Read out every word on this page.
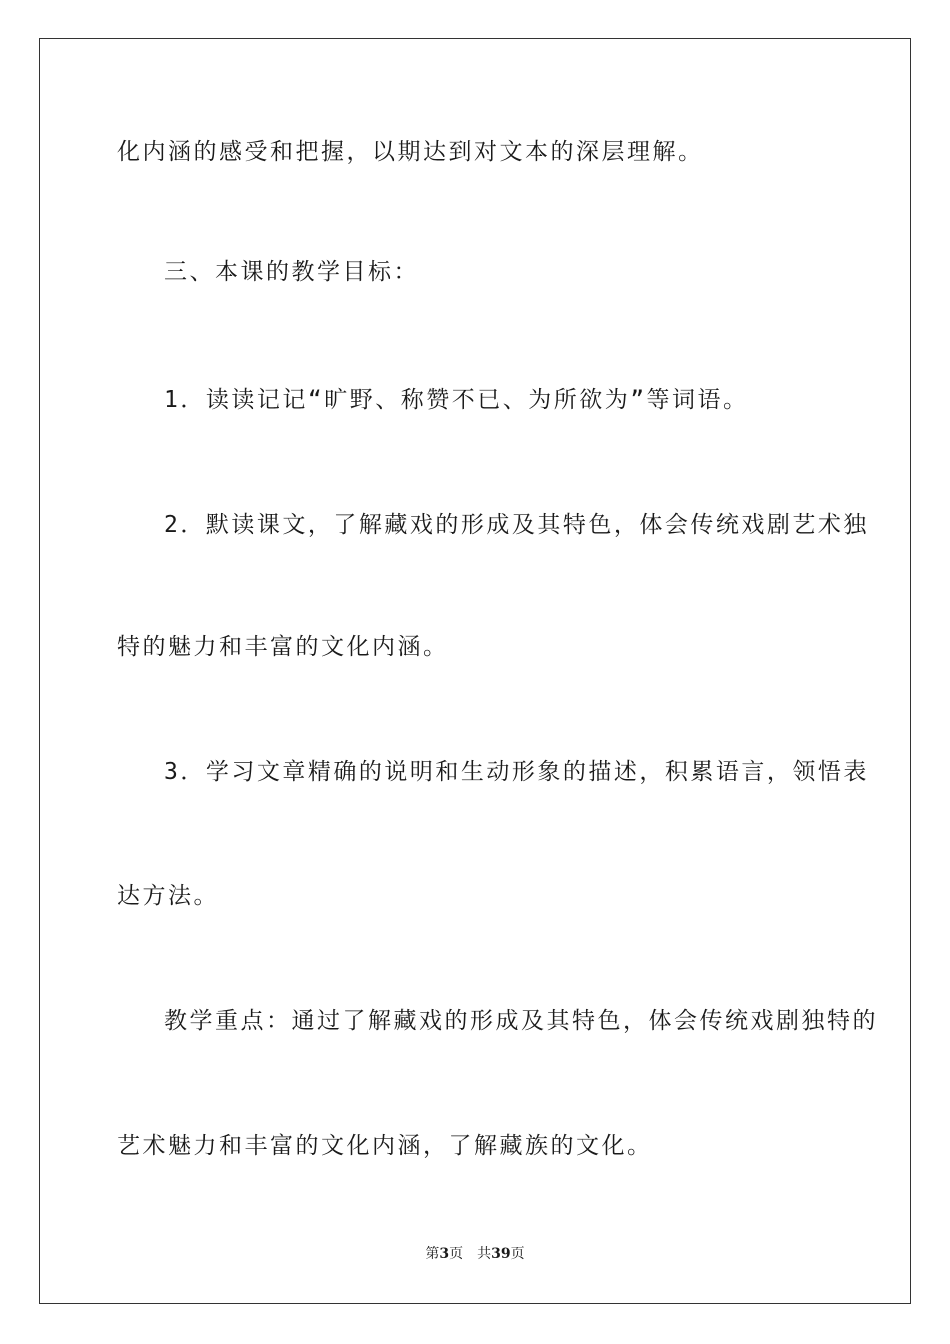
化内涵的感受和把握，以期达到对文本的深层理解。
三、本课的教学目标：
1．读读记记“旷野、称赞不已、为所欲为”等词语。
2．默读课文，了解藏戏的形成及其特色，体会传统戏剧艺术独
特的魅力和丰富的文化内涵。
3．学习文章精确的说明和生动形象的描述，积累语言，领悟表
达方法。
教学重点：通过了解藏戏的形成及其特色，体会传统戏剧独特的
艺术魅力和丰富的文化内涵，了解藏族的文化。
第3页 共39页
